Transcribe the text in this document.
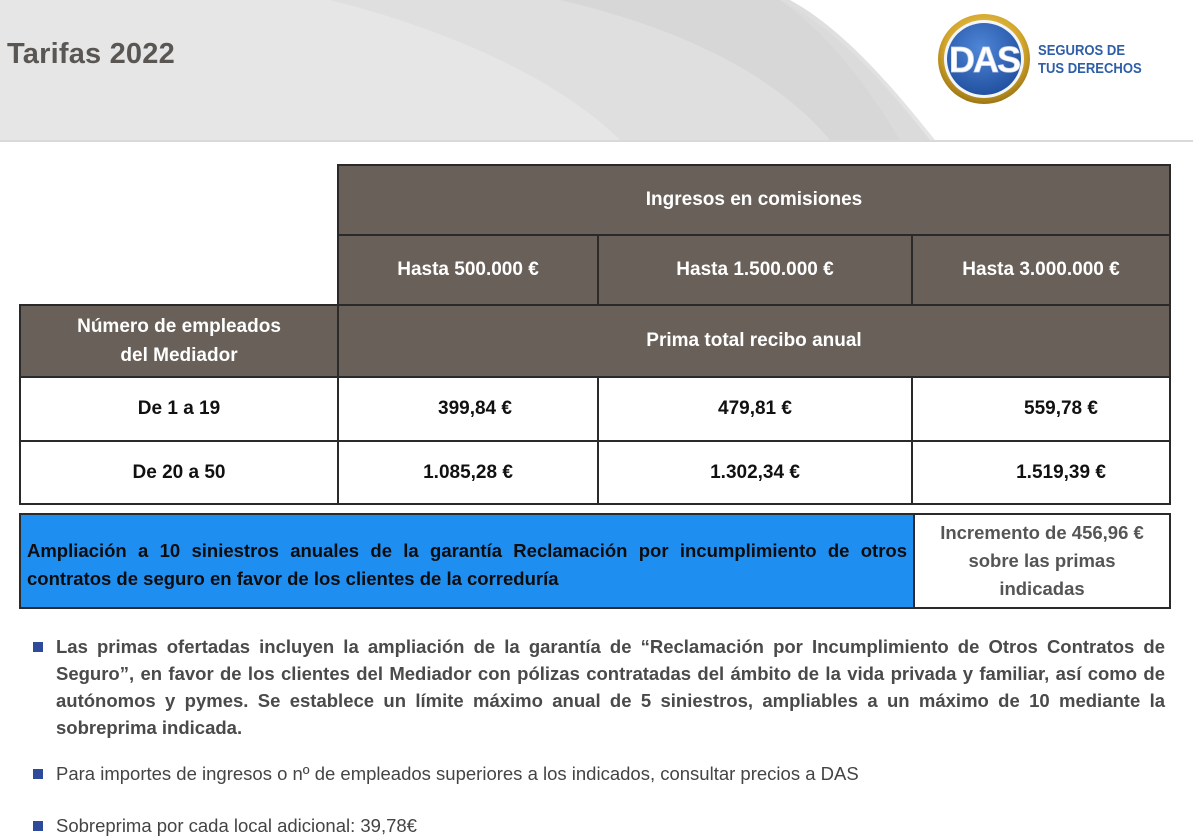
Tarifas 2022	DAS SEGUROS DE
TUS DERECHOS
Ingresos en comisiones
Hasta 500.000 €	Hasta 1.500.000 €	Hasta 3.000.000 €
Número de empleados
del Mediador
Prima total recibo anual
De 1 a 19	399,84 €	479,81 €	559,78 €
De 20 a 50	1.085,28 €	1.302,34 €	1.519,39 €
Ampliación a 10 siniestros anuales de la garantía Reclamación por incumplimiento de otros contratos de seguro en favor de los clientes de la correduría
Incremento de 456,96 €
sobre las primas
indicadas
Las primas ofertadas incluyen la ampliación de la garantía de “Reclamación por Incumplimiento de Otros Contratos de Seguro”, en favor de los clientes del Mediador con pólizas contratadas del ámbito de la vida privada y familiar, así como de autónomos y pymes. Se establece un límite máximo anual de 5 siniestros, ampliables a un máximo de 10 mediante la sobreprima indicada.
Para importes de ingresos o nº de empleados superiores a los indicados, consultar precios a DAS
Sobreprima por cada local adicional: 39,78€
